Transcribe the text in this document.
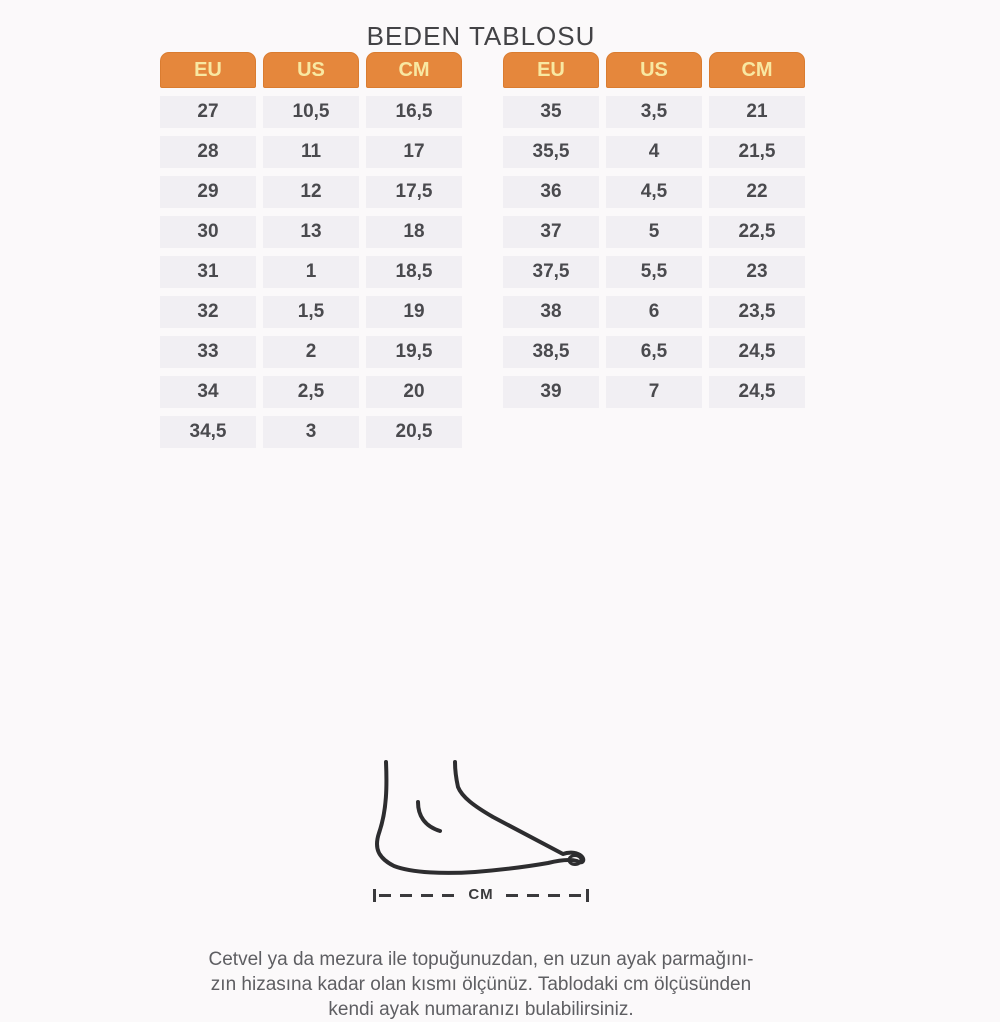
BEDEN TABLOSU
EU	US	CM
27	10,5	16,5
28	11	17
29	12	17,5
30	13	18
31	1	18,5
32	1,5	19
33	2	19,5
34	2,5	20
34,5	3	20,5
EU	US	CM
35	3,5	21
35,5	4	21,5
36	4,5	22
37	5	22,5
37,5	5,5	23
38	6	23,5
38,5	6,5	24,5
39	7	24,5
CM

Cetvel ya da mezura ile topuğunuzdan, en uzun ayak parmağını-
zın hizasına kadar olan kısmı ölçünüz. Tablodaki cm ölçüsünden
kendi ayak numaranızı bulabilirsiniz.
